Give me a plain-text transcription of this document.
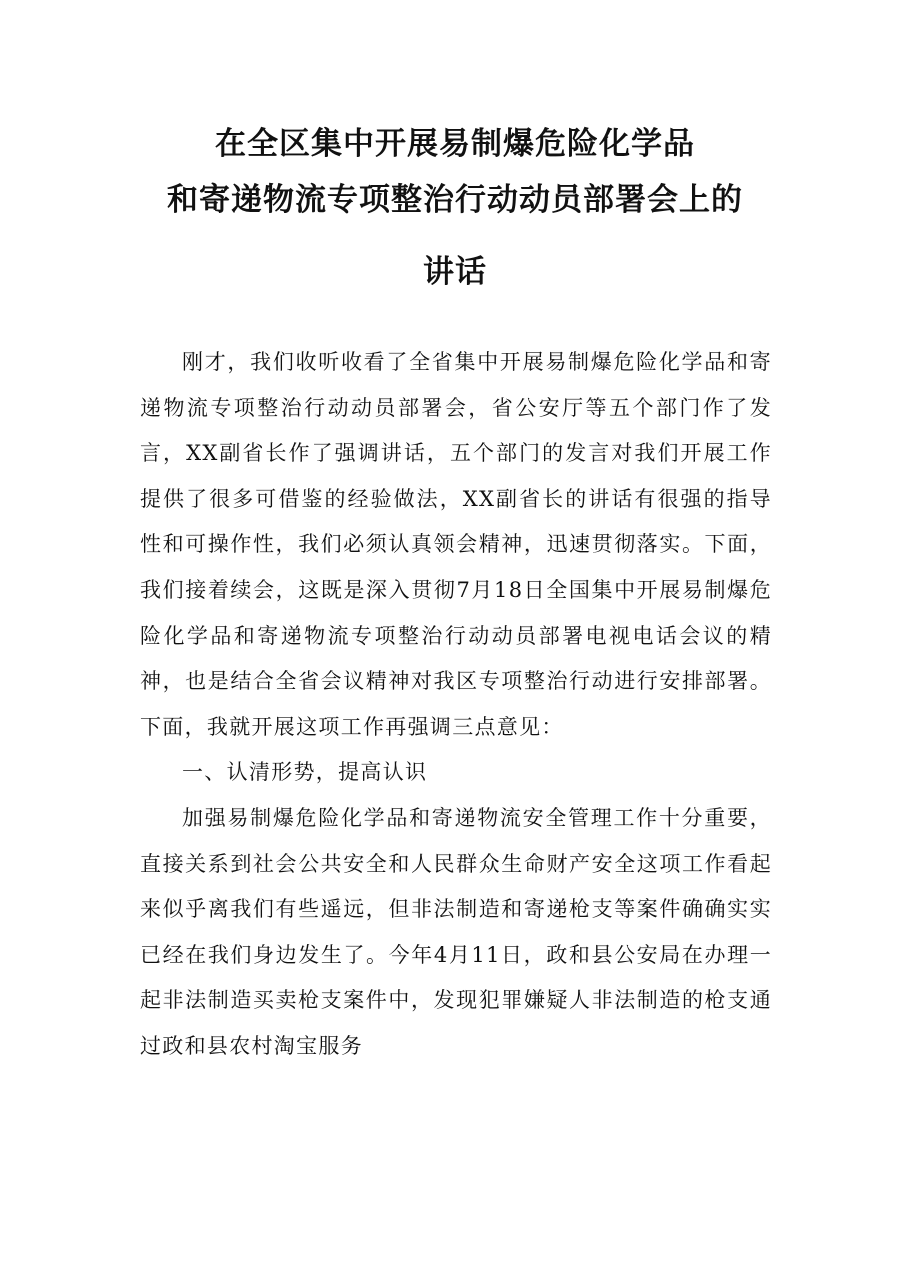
在全区集中开展易制爆危险化学品
和寄递物流专项整治行动动员部署会上的
讲话

刚才，我们收听收看了全省集中开展易制爆危险化学品和寄递物流专项整治行动动员部署会，省公安厅等五个部门作了发言，XX副省长作了强调讲话，五个部门的发言对我们开展工作提供了很多可借鉴的经验做法，XX副省长的讲话有很强的指导性和可操作性，我们必须认真领会精神，迅速贯彻落实。下面，我们接着续会，这既是深入贯彻7月18日全国集中开展易制爆危险化学品和寄递物流专项整治行动动员部署电视电话会议的精神，也是结合全省会议精神对我区专项整治行动进行安排部署。下面，我就开展这项工作再强调三点意见：

一、认清形势，提高认识

加强易制爆危险化学品和寄递物流安全管理工作十分重要，直接关系到社会公共安全和人民群众生命财产安全这项工作看起来似乎离我们有些遥远，但非法制造和寄递枪支等案件确确实实已经在我们身边发生了。今年4月11日，政和县公安局在办理一起非法制造买卖枪支案件中，发现犯罪嫌疑人非法制造的枪支通过政和县农村淘宝服务
